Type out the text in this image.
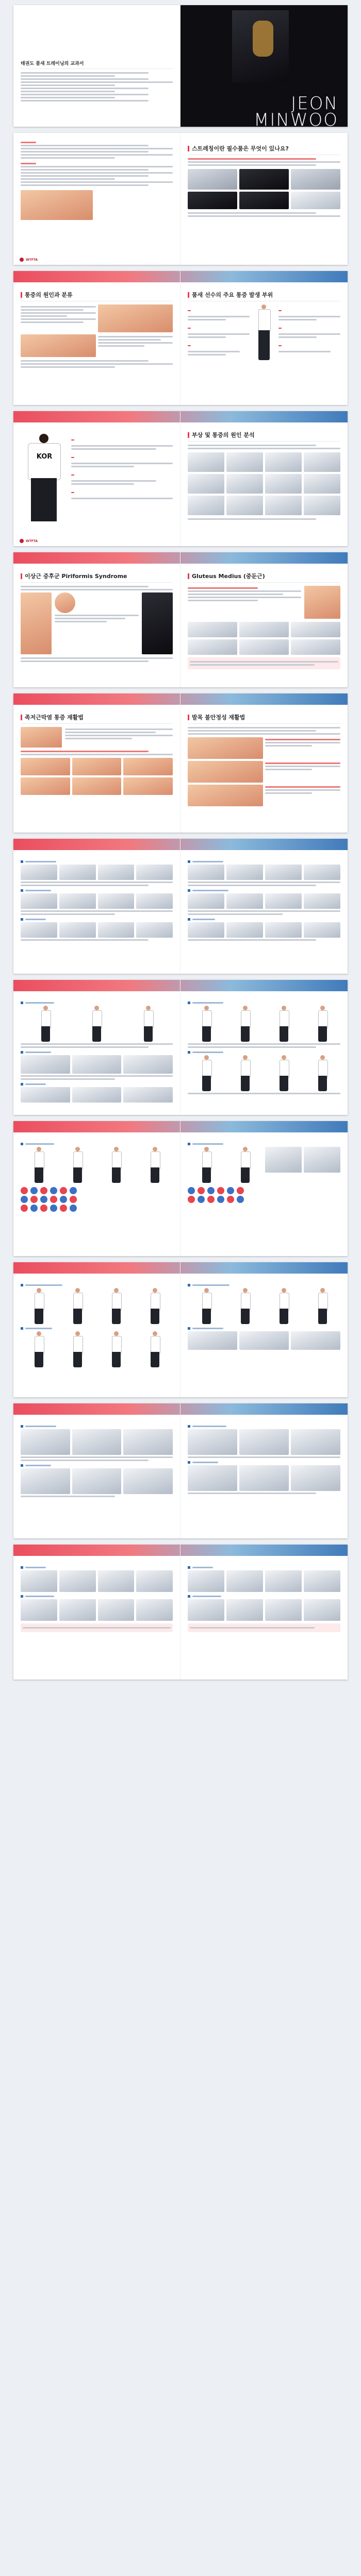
태권도 품새 트레이닝의 교과서
JEON
MINWOO
WTFTA
스트레칭이란 필수품은 무엇이 있나요?
통증의 원인과 분류	품새 선수의 주요 통증 발생 부위
KOR
WTFTA
부상 및 통증의 원인 분석
이상근 증후군 Piriformis Syndrome	Gluteus Medius (중둔근)
족저근막염 통증 재활법	발목 불안정성 재활법
